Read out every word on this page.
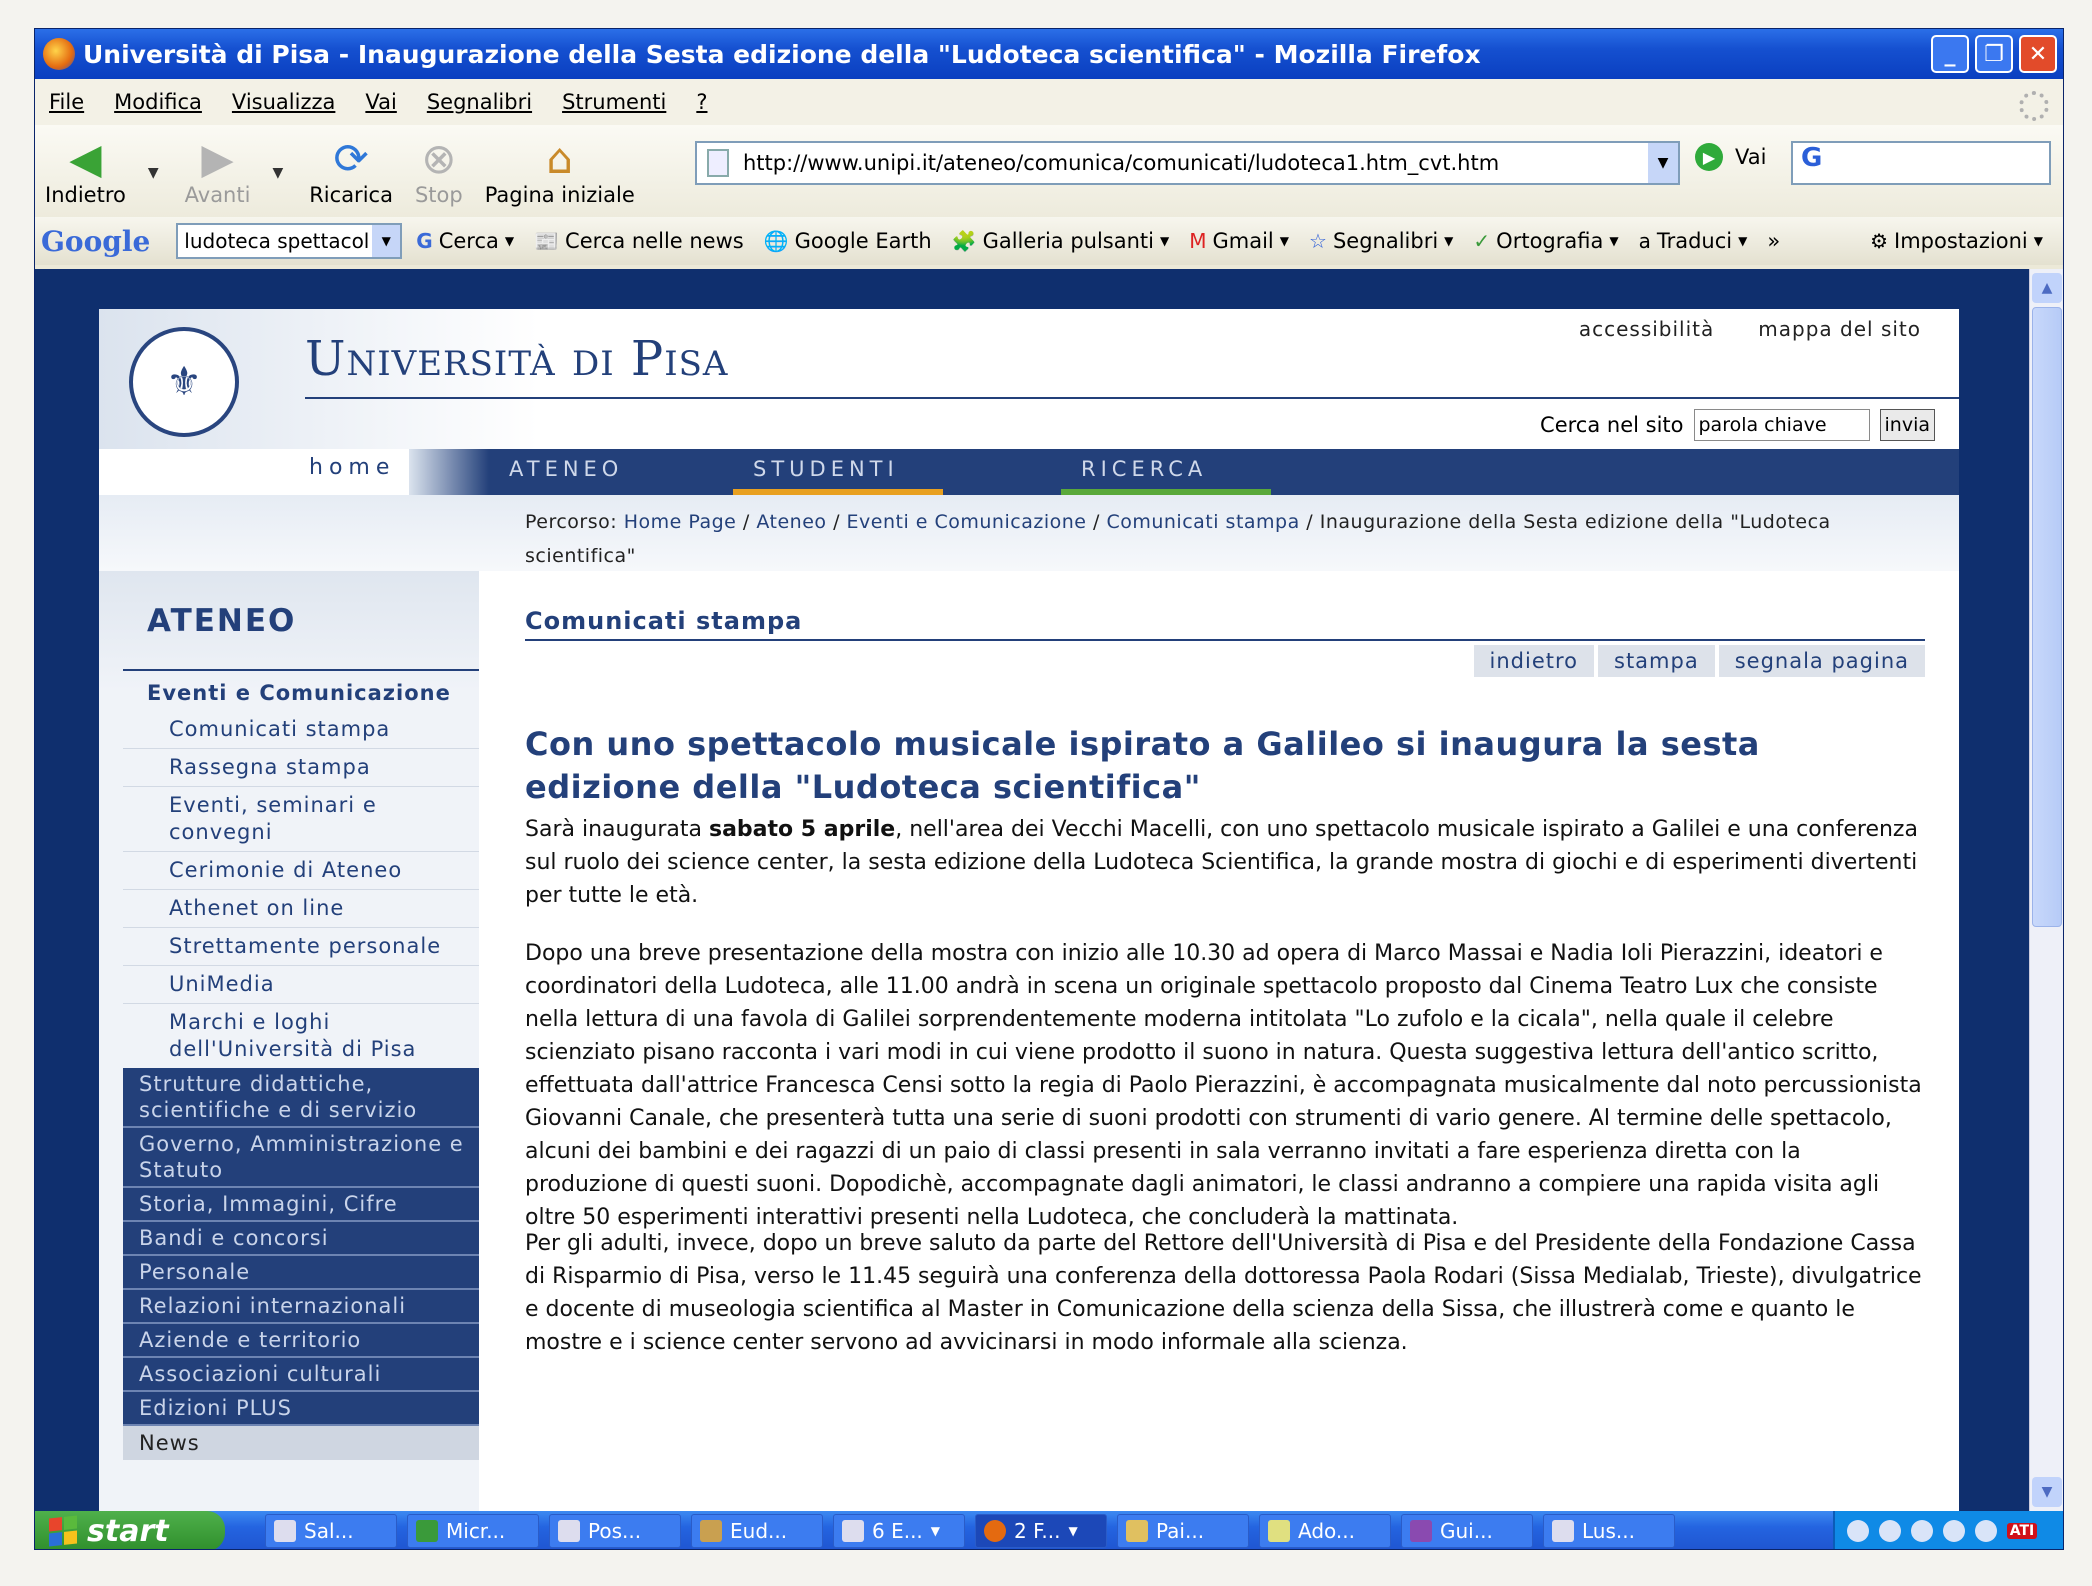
Università di Pisa - Inaugurazione della Sesta edizione della "Ludoteca scientifica" - Mozilla Firefox	_	❐	✕
File Modifica Visualizza Vai Segnalibri Strumenti ?
◀
Indietro
▼ ▶
Avanti
▼ ⟳
Ricarica
⊗
Stop
⌂
Pagina iniziale
http://www.unipi.it/ateneo/comunica/comunicati/ludoteca1.htm_cvt.htm	▼	▶ Vai	G
Google ludoteca spettacol	▼	G Cerca ▼ 📰 Cerca nelle news 🌐 Google Earth 🧩 Galleria pulsanti ▼ M Gmail ▼ ☆ Segnalibri ▼ ✓ Ortografia ▼ a Traduci ▼ »	⚙ Impostazioni ▼
⚜	Università di Pisa
accessibilità mappa del sito
Cerca nel sito
parola chiave	invia
home	ATENEO	STUDENTI	RICERCA
Percorso: Home Page / Ateneo / Eventi e Comunicazione / Comunicati stampa / Inaugurazione della Sesta edizione della "Ludoteca scientifica"
ATENEO
Eventi e Comunicazione
Comunicati stampa
Rassegna stampa
Eventi, seminari e convegni
Cerimonie di Ateneo
Athenet on line
Strettamente personale
UniMedia
Marchi e loghi dell'Università di Pisa
Strutture didattiche, scientifiche e di servizio
Governo, Amministrazione e Statuto
Storia, Immagini, Cifre
Bandi e concorsi
Personale
Relazioni internazionali
Aziende e territorio
Associazioni culturali
Edizioni PLUS
News
Comunicati stampa
indietro	stampa	segnala pagina
Con uno spettacolo musicale ispirato a Galileo si inaugura la sesta edizione della "Ludoteca scientifica"
Sarà inaugurata sabato 5 aprile, nell'area dei Vecchi Macelli, con uno spettacolo musicale ispirato a Galilei e una conferenza sul ruolo dei science center, la sesta edizione della Ludoteca Scientifica, la grande mostra di giochi e di esperimenti divertenti per tutte le età.
Dopo una breve presentazione della mostra con inizio alle 10.30 ad opera di Marco Massai e Nadia Ioli Pierazzini, ideatori e coordinatori della Ludoteca, alle 11.00 andrà in scena un originale spettacolo proposto dal Cinema Teatro Lux che consiste nella lettura di una favola di Galilei sorprendentemente moderna intitolata "Lo zufolo e la cicala", nella quale il celebre scienziato pisano racconta i vari modi in cui viene prodotto il suono in natura. Questa suggestiva lettura dell'antico scritto, effettuata dall'attrice Francesca Censi sotto la regia di Paolo Pierazzini, è accompagnata musicalmente dal noto percussionista Giovanni Canale, che presenterà tutta una serie di suoni prodotti con strumenti di vario genere. Al termine delle spettacolo, alcuni dei bambini e dei ragazzi di un paio di classi presenti in sala verranno invitati a fare esperienza diretta con la produzione di questi suoni. Dopodichè, accompagnate dagli animatori, le classi andranno a compiere una rapida visita agli oltre 50 esperimenti interattivi presenti nella Ludoteca, che concluderà la mattinata.
Per gli adulti, invece, dopo un breve saluto da parte del Rettore dell'Università di Pisa e del Presidente della Fondazione Cassa di Risparmio di Pisa, verso le 11.45 seguirà una conferenza della dottoressa Paola Rodari (Sissa Medialab, Trieste), divulgatrice e docente di museologia scientifica al Master in Comunicazione della scienza della Sissa, che illustrerà come e quanto le mostre e i science center servono ad avvicinarsi in modo informale alla scienza.
▲
▼
start	Sal...	Micr...	Pos...	Eud...	6 E... ▼	2 F... ▼	Pai...	Ado...	Gui...	Lus...	ATI
